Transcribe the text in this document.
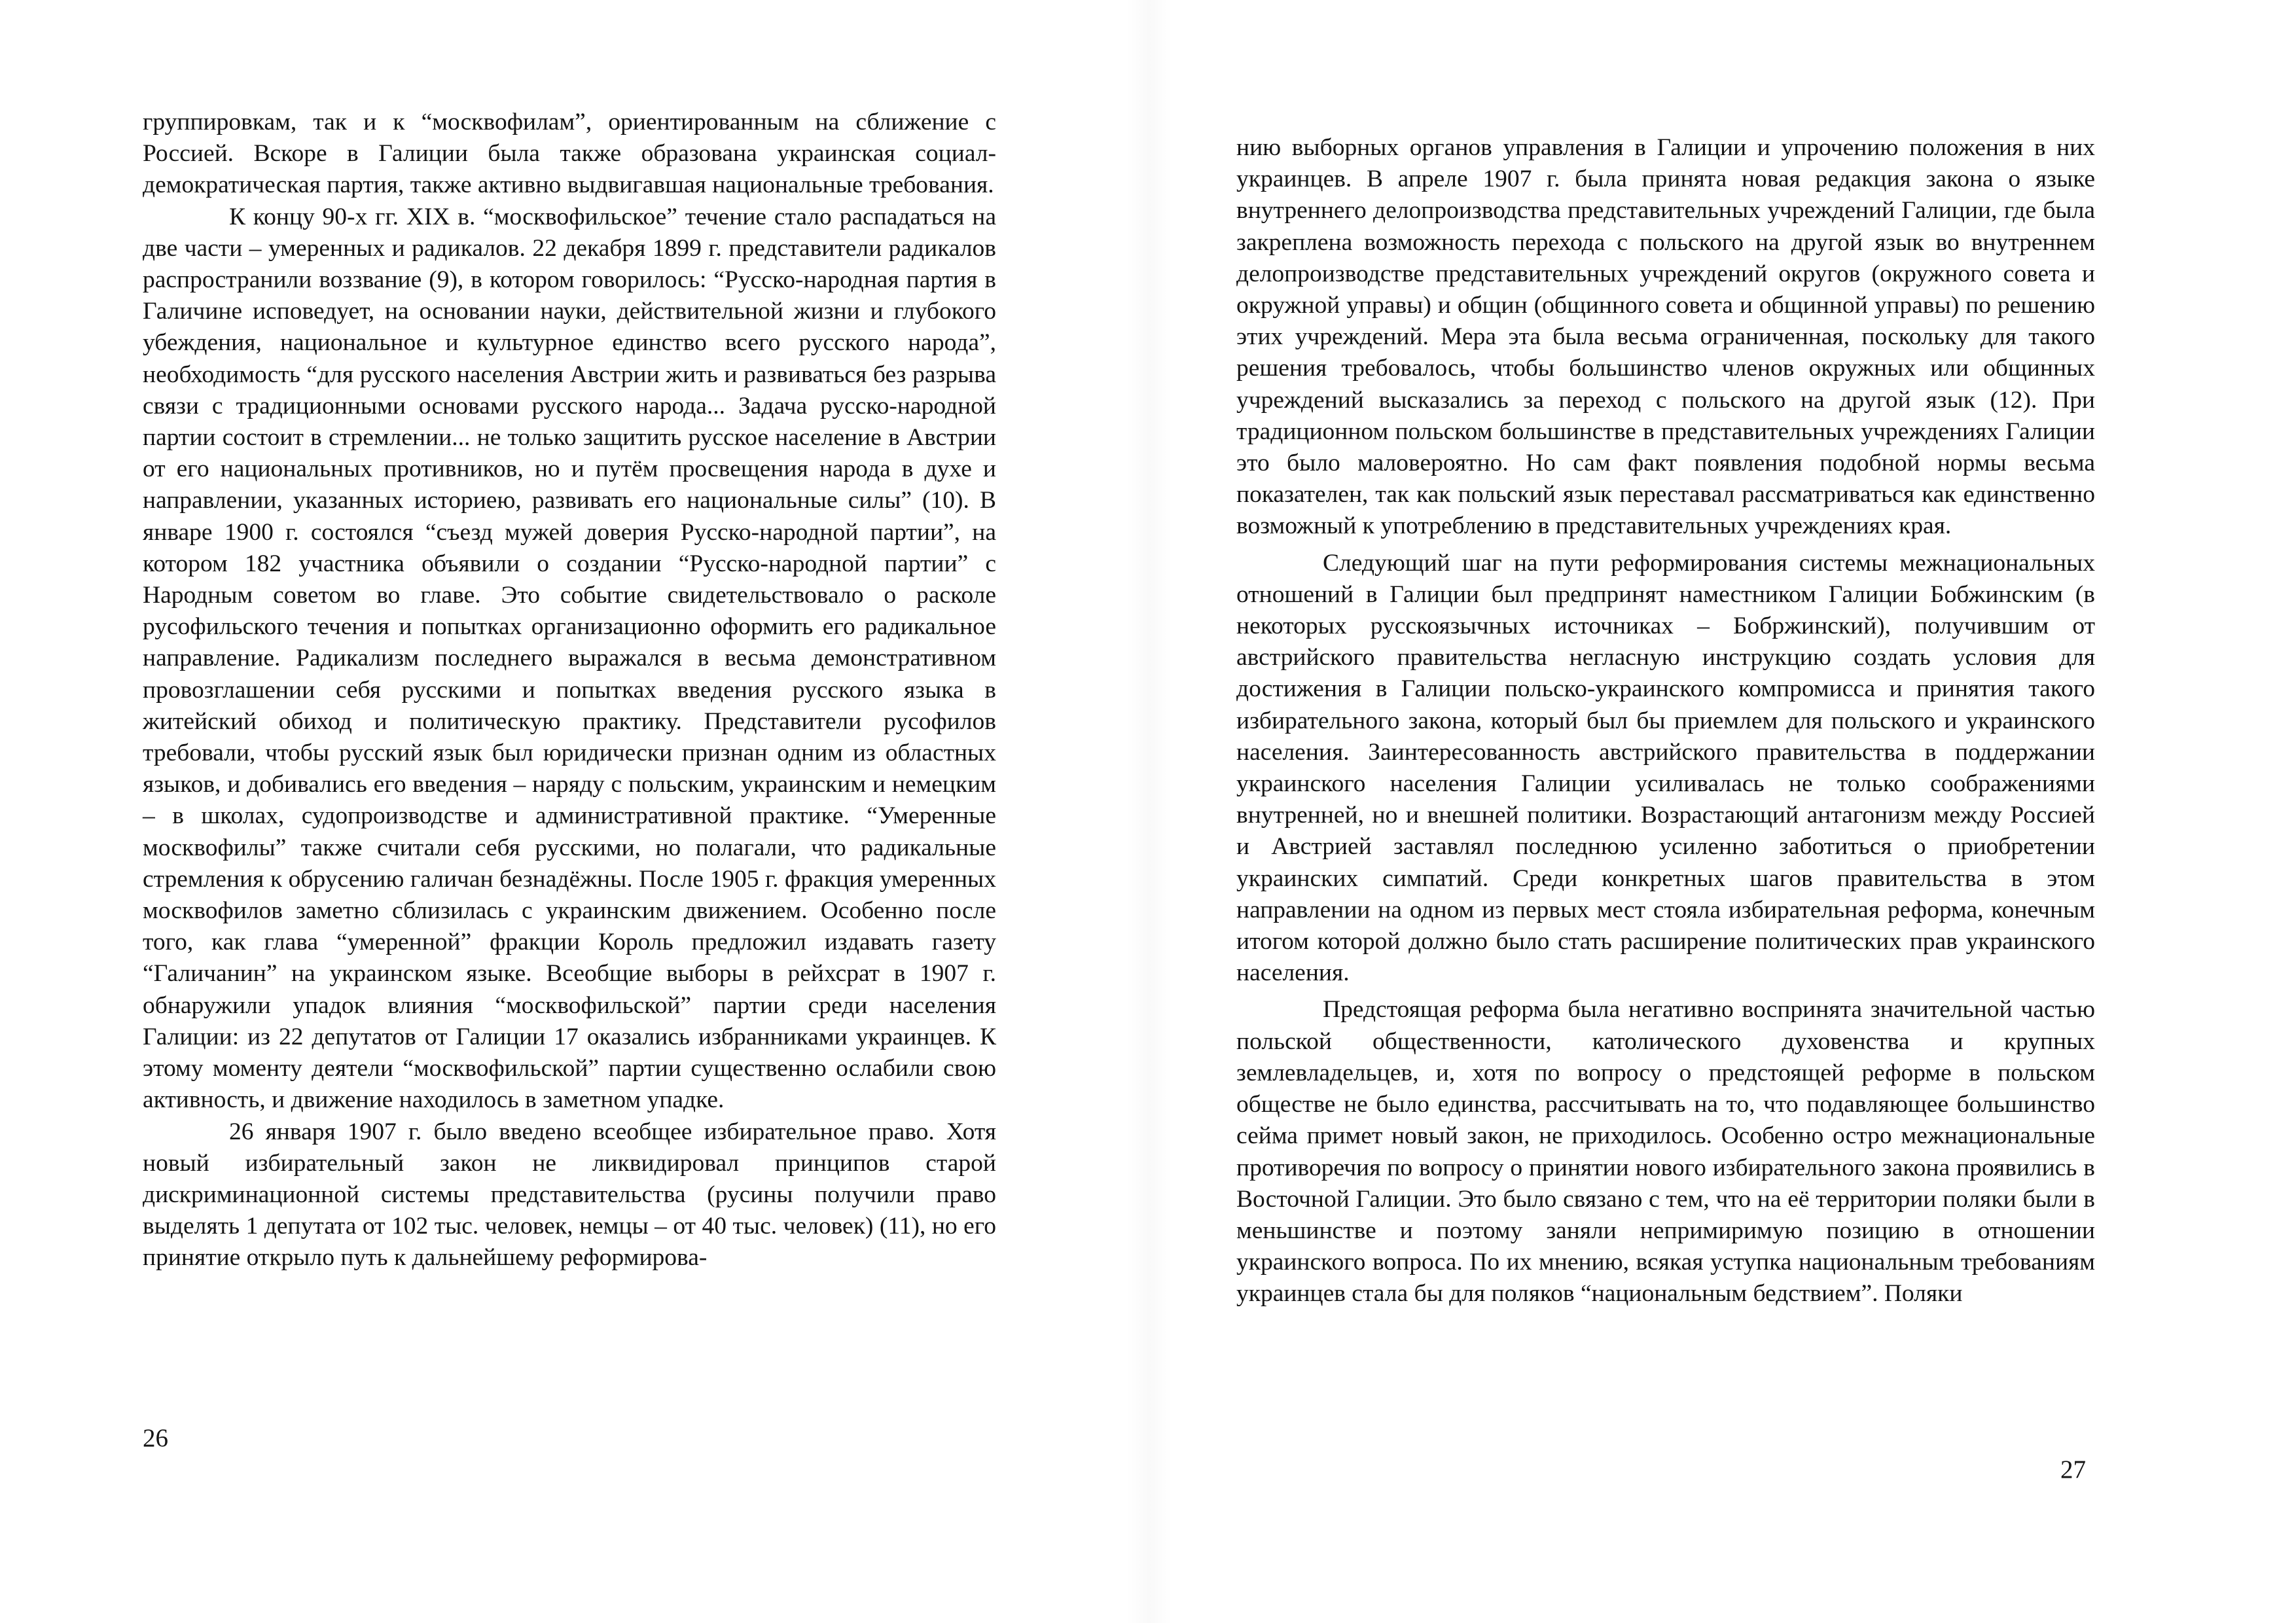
группировкам, так и к “москвофилам”, ориентированным на сближение с Россией. Вскоре в Галиции была также образована украинская социал-демократическая партия, также активно выдвигавшая национальные требования.

К концу 90-х гг. XIX в. “москвофильское” течение стало распадаться на две части – умеренных и радикалов. 22 декабря 1899 г. представители радикалов распространили воззвание (9), в котором говорилось: “Русско-народная партия в Галичине исповедует, на основании науки, действительной жизни и глубокого убеждения, национальное и культурное единство всего русского народа”, необходимость “для русского населения Австрии жить и развиваться без разрыва связи с традиционными основами русского народа... Задача русско-народной партии состоит в стремлении... не только защитить русское население в Австрии от его национальных противников, но и путём просвещения народа в духе и направлении, указанных историею, развивать его национальные силы” (10). В январе 1900 г. состоялся “съезд мужей доверия Русско-народной партии”, на котором 182 участника объявили о создании “Русско-народной партии” с Народным советом во главе. Это событие свидетельствовало о расколе русофильского течения и попытках организационно оформить его радикальное направление. Радикализм последнего выражался в весьма демонстративном провозглашении себя русскими и попытках введения русского языка в житейский обиход и политическую практику. Представители русофилов требовали, чтобы русский язык был юридически признан одним из областных языков, и добивались его введения – наряду с польским, украинским и немецким – в школах, судопроизводстве и административной практике. “Умеренные москвофилы” также считали себя русскими, но полагали, что радикальные стремления к обрусению галичан безнадёжны. После 1905 г. фракция умеренных москвофилов заметно сблизилась с украинским движением. Особенно после того, как глава “умеренной” фракции Король предложил издавать газету “Галичанин” на украинском языке. Всеобщие выборы в рейхсрат в 1907 г. обнаружили упадок влияния “москвофильской” партии среди населения Галиции: из 22 депутатов от Галиции 17 оказались избранниками украинцев. К этому моменту деятели “москвофильской” партии существенно ослабили свою активность, и движение находилось в заметном упадке.

26 января 1907 г. было введено всеобщее избирательное право. Хотя новый избирательный закон не ликвидировал принципов старой дискриминационной системы представительства (русины получили право выделять 1 депутата от 102 тыс. человек, немцы – от 40 тыс. человек) (11), но его принятие открыло путь к дальнейшему реформирова-

26

нию выборных органов управления в Галиции и упрочению положения в них украинцев. В апреле 1907 г. была принята новая редакция закона о языке внутреннего делопроизводства представительных учреждений Галиции, где была закреплена возможность перехода с польского на другой язык во внутреннем делопроизводстве представительных учреждений округов (окружного совета и окружной управы) и общин (общинного совета и общинной управы) по решению этих учреждений. Мера эта была весьма ограниченная, поскольку для такого решения требовалось, чтобы большинство членов окружных или общинных учреждений высказались за переход с польского на другой язык (12). При традиционном польском большинстве в представительных учреждениях Галиции это было маловероятно. Но сам факт появления подобной нормы весьма показателен, так как польский язык переставал рассматриваться как единственно возможный к употреблению в представительных учреждениях края.

Следующий шаг на пути реформирования системы межнациональных отношений в Галиции был предпринят наместником Галиции Бобжинским (в некоторых русскоязычных источниках – Бобржинский), получившим от австрийского правительства негласную инструкцию создать условия для достижения в Галиции польско-украинского компромисса и принятия такого избирательного закона, который был бы приемлем для польского и украинского населения. Заинтересованность австрийского правительства в поддержании украинского населения Галиции усиливалась не только соображениями внутренней, но и внешней политики. Возрастающий антагонизм между Россией и Австрией заставлял последнюю усиленно заботиться о приобретении украинских симпатий. Среди конкретных шагов правительства в этом направлении на одном из первых мест стояла избирательная реформа, конечным итогом которой должно было стать расширение политических прав украинского населения.

Предстоящая реформа была негативно воспринята значительной частью польской общественности, католического духовенства и крупных землевладельцев, и, хотя по вопросу о предстоящей реформе в польском обществе не было единства, рассчитывать на то, что подавляющее большинство сейма примет новый закон, не приходилось. Особенно остро межнациональные противоречия по вопросу о принятии нового избирательного закона проявились в Восточной Галиции. Это было связано с тем, что на её территории поляки были в меньшинстве и поэтому заняли непримиримую позицию в отношении украинского вопроса. По их мнению, всякая уступка национальным требованиям украинцев стала бы для поляков “национальным бедствием”. Поляки

27
